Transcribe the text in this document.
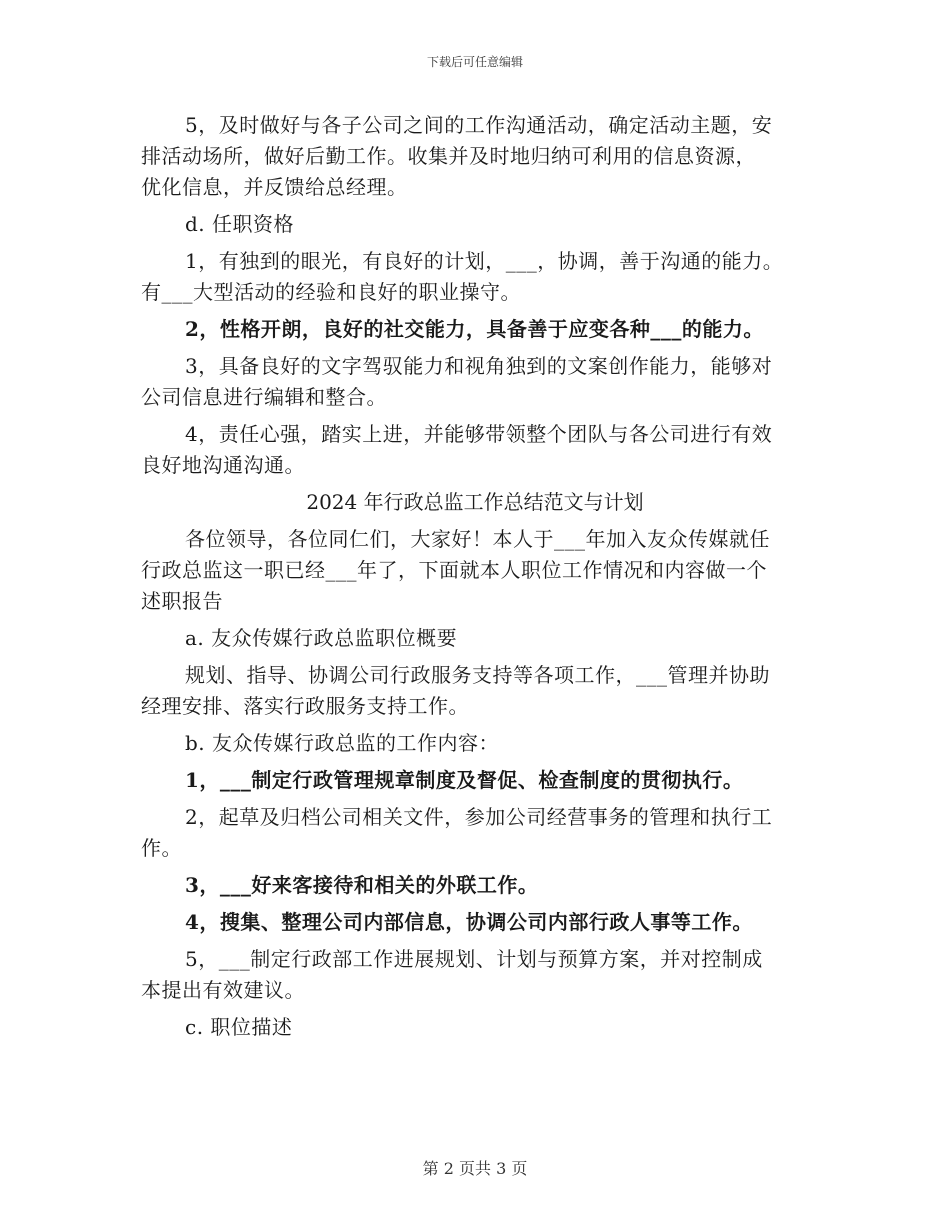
下载后可任意编辑
5，及时做好与各子公司之间的工作沟通活动，确定活动主题，安
排活动场所，做好后勤工作。收集并及时地归纳可利用的信息资源，
优化信息，并反馈给总经理。
d. 任职资格
1，有独到的眼光，有良好的计划，___，协调，善于沟通的能力。
有___大型活动的经验和良好的职业操守。
2，性格开朗，良好的社交能力，具备善于应变各种___的能力。
3，具备良好的文字驾驭能力和视角独到的文案创作能力，能够对
公司信息进行编辑和整合。
4，责任心强，踏实上进，并能够带领整个团队与各公司进行有效
良好地沟通沟通。
2024 年行政总监工作总结范文与计划
各位领导，各位同仁们，大家好！本人于___年加入友众传媒就任
行政总监这一职已经___年了，下面就本人职位工作情况和内容做一个
述职报告
a. 友众传媒行政总监职位概要
规划、指导、协调公司行政服务支持等各项工作，___管理并协助
经理安排、落实行政服务支持工作。
b. 友众传媒行政总监的工作内容：
1，___制定行政管理规章制度及督促、检查制度的贯彻执行。
2，起草及归档公司相关文件，参加公司经营事务的管理和执行工
作。
3，___好来客接待和相关的外联工作。
4，搜集、整理公司内部信息，协调公司内部行政人事等工作。
5，___制定行政部工作进展规划、计划与预算方案，并对控制成
本提出有效建议。
c. 职位描述
第 2 页共 3 页
